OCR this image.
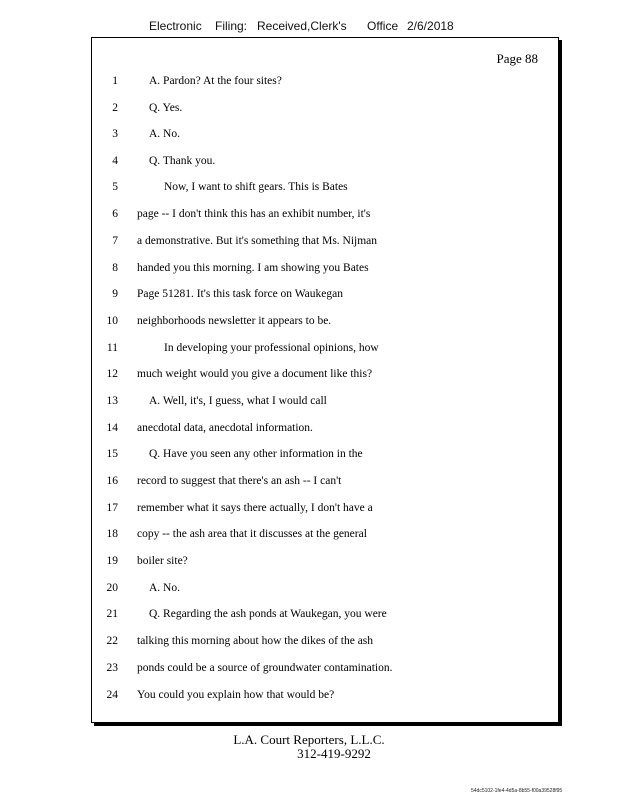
Electronic Filing: Received,Clerk's Office 2/6/2018
Page 88
1	A. Pardon? At the four sites?
2	Q. Yes.
3	A. No.
4	Q. Thank you.
5	Now, I want to shift gears. This is Bates
6 page -- I don't think this has an exhibit number, it's
7 a demonstrative. But it's something that Ms. Nijman
8 handed you this morning. I am showing you Bates
9 Page 51281. It's this task force on Waukegan
10 neighborhoods newsletter it appears to be.
11	In developing your professional opinions, how
12 much weight would you give a document like this?
13	A. Well, it's, I guess, what I would call
14 anecdotal data, anecdotal information.
15	Q. Have you seen any other information in the
16 record to suggest that there's an ash -- I can't
17 remember what it says there actually, I don't have a
18 copy -- the ash area that it discusses at the general
19 boiler site?
20	A. No.
21	Q. Regarding the ash ponds at Waukegan, you were
22 talking this morning about how the dikes of the ash
23 ponds could be a source of groundwater contamination.
24 You could you explain how that would be?
L.A. Court Reporters, L.L.C.
312-419-9292
54dc5102-1fe4-4d5a-8b55-f00a39528f95
